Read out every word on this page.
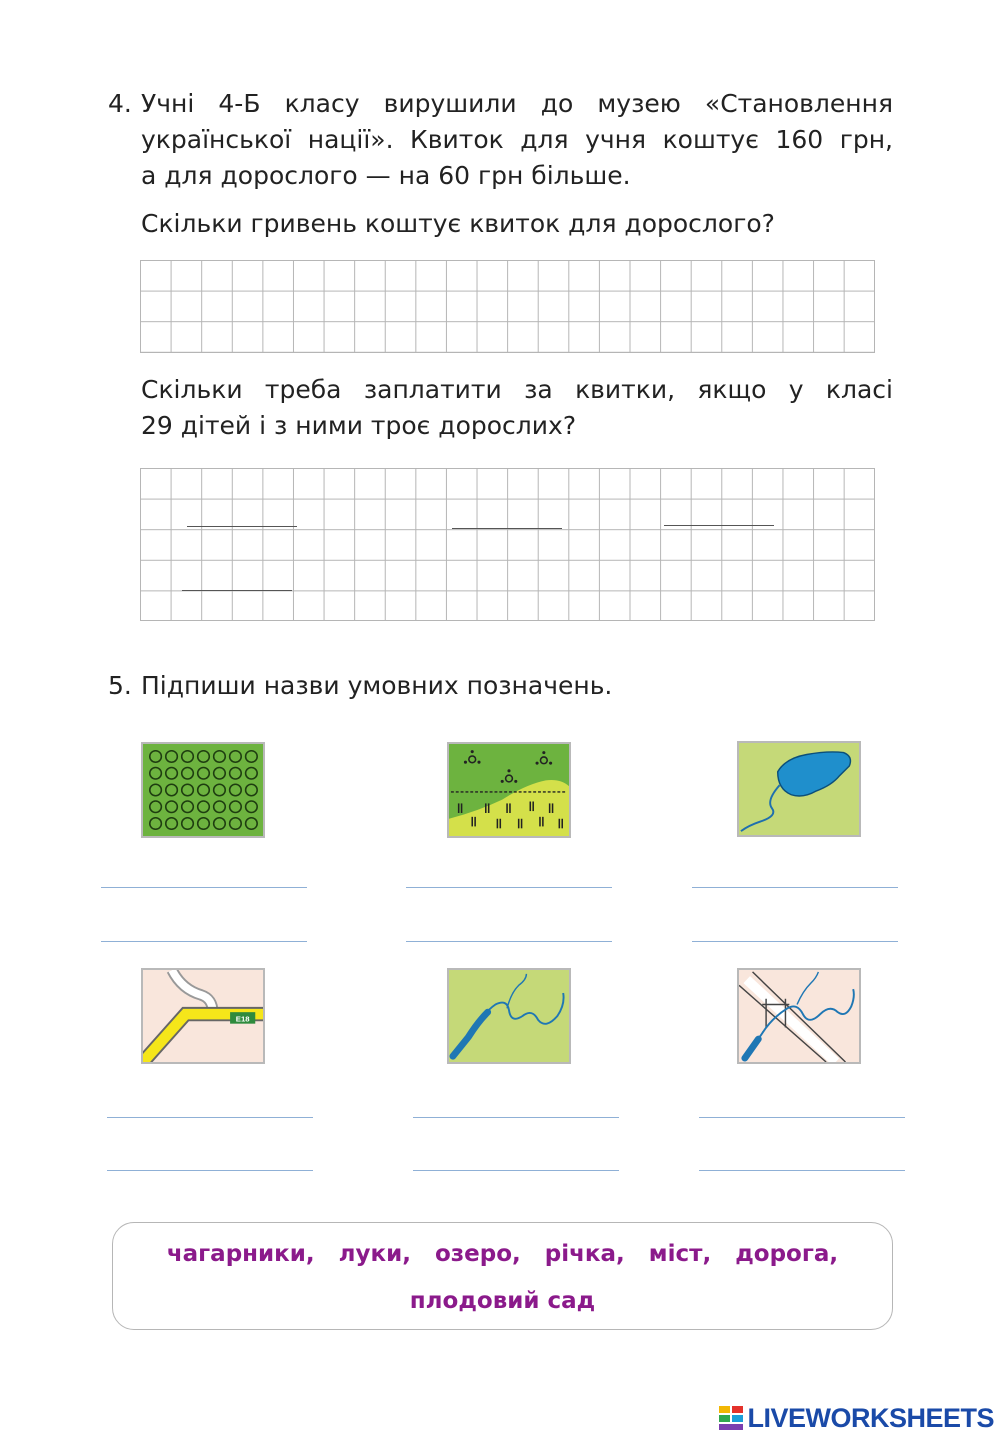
4. Учні 4-Б класу вирушили до музею «Становлення
української нації». Квиток для учня коштує 160 грн,
а для дорослого — на 60 грн більше.
Скільки гривень коштує квиток для дорослого?
Скільки треба заплатити за квитки, якщо у класі
29 дітей і з ними троє дорослих?
5. Підпиши назви умовних позначень.
E18
чагарники,   луки,   озеро,   річка,   міст,   дорога,
плодовий сад
LIVEWORKSHEETS
